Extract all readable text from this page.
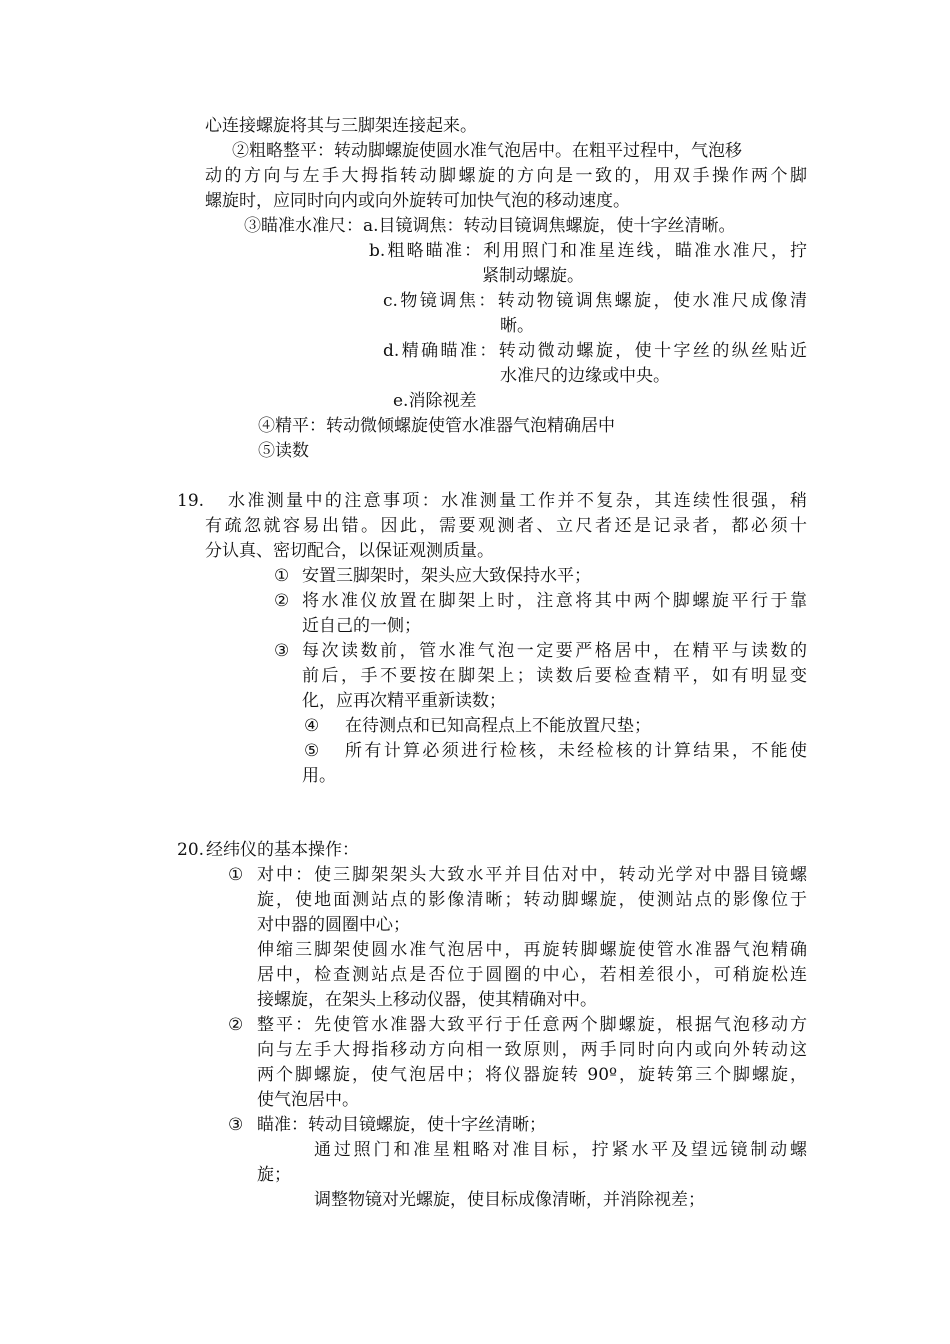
心连接螺旋将其与三脚架连接起来。
②粗略整平：转动脚螺旋使圆水准气泡居中。在粗平过程中，气泡移
动的方向与左手大拇指转动脚螺旋的方向是一致的，用双手操作两个脚
螺旋时，应同时向内或向外旋转可加快气泡的移动速度。
③瞄准水准尺：a.目镜调焦：转动目镜调焦螺旋，使十字丝清晰。
b.粗略瞄准：利用照门和准星连线，瞄准水准尺，拧
紧制动螺旋。
c.物镜调焦：转动物镜调焦螺旋，使水准尺成像清
晰。
d.精确瞄准：转动微动螺旋，使十字丝的纵丝贴近
水准尺的边缘或中央。
e.消除视差
④精平：转动微倾螺旋使管水准器气泡精确居中
⑤读数
19. 水准测量中的注意事项：水准测量工作并不复杂，其连续性很强，稍
有疏忽就容易出错。因此，需要观测者、立尺者还是记录者，都必须十
分认真、密切配合，以保证观测质量。
① 安置三脚架时，架头应大致保持水平；
② 将水准仪放置在脚架上时，注意将其中两个脚螺旋平行于靠
近自己的一侧；
③ 每次读数前，管水准气泡一定要严格居中，在精平与读数的
前后，手不要按在脚架上；读数后要检查精平，如有明显变
化，应再次精平重新读数；
④ 在待测点和已知高程点上不能放置尺垫；
⑤ 所有计算必须进行检核，未经检核的计算结果，不能使
用。
20. 经纬仪的基本操作：
① 对中：使三脚架架头大致水平并目估对中，转动光学对中器目镜螺
旋，使地面测站点的影像清晰；转动脚螺旋，使测站点的影像位于
对中器的圆圈中心；
伸缩三脚架使圆水准气泡居中，再旋转脚螺旋使管水准器气泡精确
居中，检查测站点是否位于圆圈的中心，若相差很小，可稍旋松连
接螺旋，在架头上移动仪器，使其精确对中。
② 整平：先使管水准器大致平行于任意两个脚螺旋，根据气泡移动方
向与左手大拇指移动方向相一致原则，两手同时向内或向外转动这
两个脚螺旋，使气泡居中；将仪器旋转 90º，旋转第三个脚螺旋，
使气泡居中。
③ 瞄准：转动目镜螺旋，使十字丝清晰；
通过照门和准星粗略对准目标，拧紧水平及望远镜制动螺
旋；
调整物镜对光螺旋，使目标成像清晰，并消除视差；
